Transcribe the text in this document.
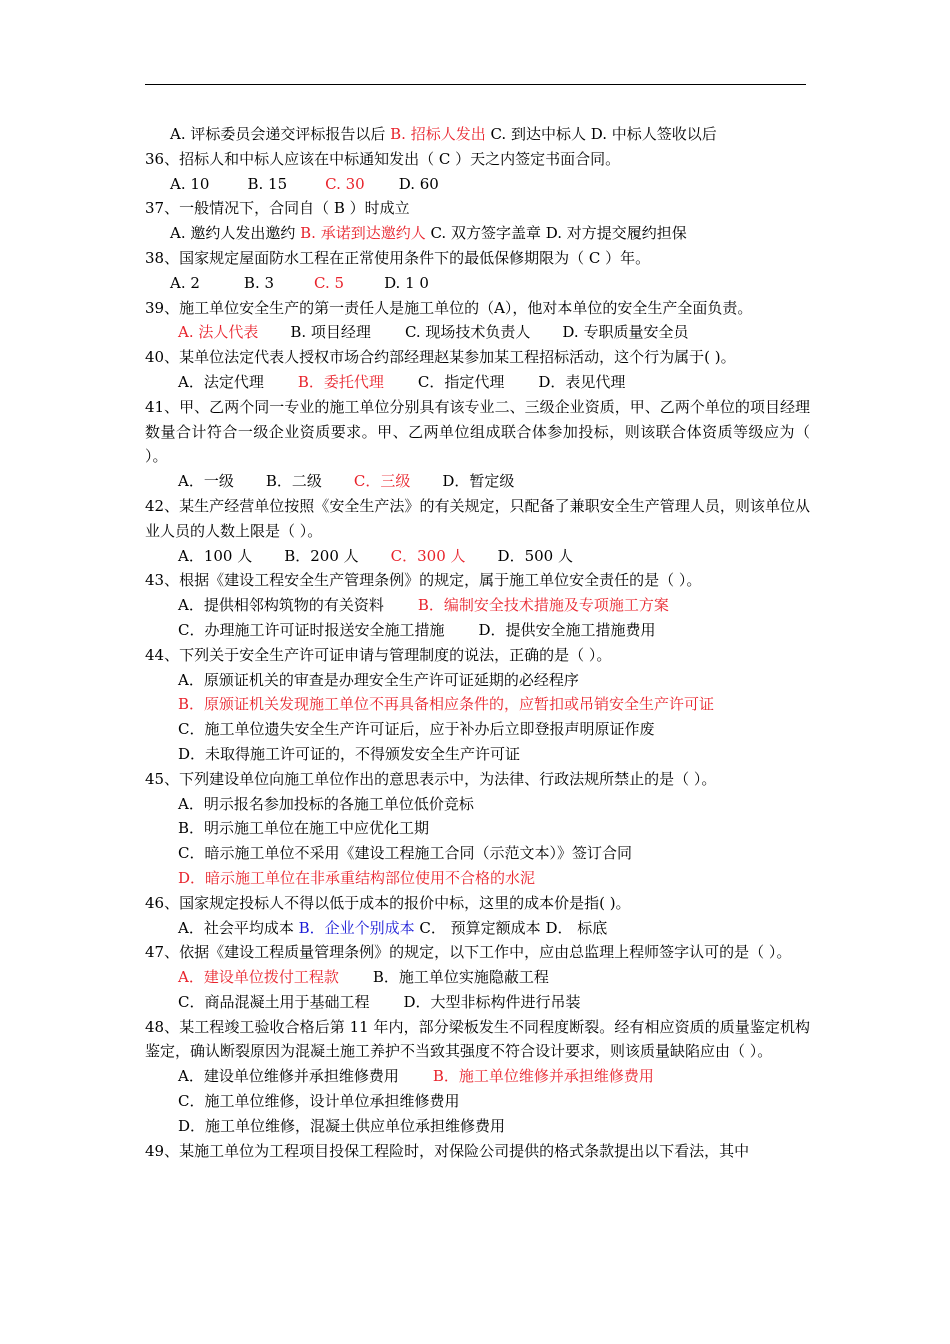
A. 评标委员会递交评标报告以后 B. 招标人发出 C. 到达中标人 D. 中标人签收以后
36、招标人和中标人应该在中标通知发出（ C ）天之内签定书面合同。
A. 10	B. 15	C. 30 D. 60
37、一般情况下，合同自（ B ）时成立
A. 邀约人发出邀约 B. 承诺到达邀约人 C. 双方签字盖章 D. 对方提交履约担保
38、国家规定屋面防水工程在正常使用条件下的最低保修期限为（ C ）年。
A. 2	B. 3	C. 5	D. 1 0
39、施工单位安全生产的第一责任人是施工单位的（A），他对本单位的安全生产全面负责。
A. 法人代表 B. 项目经理 C. 现场技术负责人 D. 专职质量安全员
40、某单位法定代表人授权市场合约部经理赵某参加某工程招标活动，这个行为属于( )。
A．法定代理 B．委托代理 C．指定代理 D．表见代理
41、甲、乙两个同一专业的施工单位分别具有该专业二、三级企业资质，甲、乙两个单位的项目经理数量合计符合一级企业资质要求。甲、乙两单位组成联合体参加投标，则该联合体资质等级应为（ ）。
A．一级 B．二级 C．三级 D．暂定级
42、某生产经营单位按照《安全生产法》的有关规定，只配备了兼职安全生产管理人员，则该单位从业人员的人数上限是（ ）。
A．100 人 B．200 人 C．300 人 D．500 人
43、根据《建设工程安全生产管理条例》的规定，属于施工单位安全责任的是（ ）。
A．提供相邻构筑物的有关资料 B．编制安全技术措施及专项施工方案
C．办理施工许可证时报送安全施工措施 D．提供安全施工措施费用
44、下列关于安全生产许可证申请与管理制度的说法，正确的是（ ）。
A．原颁证机关的审查是办理安全生产许可证延期的必经程序
B．原颁证机关发现施工单位不再具备相应条件的，应暂扣或吊销安全生产许可证
C．施工单位遗失安全生产许可证后，应于补办后立即登报声明原证作废
D．未取得施工许可证的，不得颁发安全生产许可证
45、下列建设单位向施工单位作出的意思表示中，为法律、行政法规所禁止的是（ ）。
A．明示报名参加投标的各施工单位低价竞标
B．明示施工单位在施工中应优化工期
C．暗示施工单位不采用《建设工程施工合同（示范文本）》签订合同
D．暗示施工单位在非承重结构部位使用不合格的水泥
46、国家规定投标人不得以低于成本的报价中标，这里的成本价是指( )。
A．社会平均成本 B．企业个别成本 C． 预算定额成本 D． 标底
47、依据《建设工程质量管理条例》的规定，以下工作中，应由总监理上程师签字认可的是（ ）。
A．建设单位拨付工程款 B．施工单位实施隐蔽工程
C．商品混凝土用于基础工程 D．大型非标构件进行吊装
48、某工程竣工验收合格后第 11 年内，部分梁板发生不同程度断裂。经有相应资质的质量鉴定机构鉴定，确认断裂原因为混凝土施工养护不当致其强度不符合设计要求，则该质量缺陷应由（ ）。
A．建设单位维修并承担维修费用 B．施工单位维修并承担维修费用
C．施工单位维修，设计单位承担维修费用
D．施工单位维修，混凝土供应单位承担维修费用
49、某施工单位为工程项目投保工程险时，对保险公司提供的格式条款提出以下看法，其中
